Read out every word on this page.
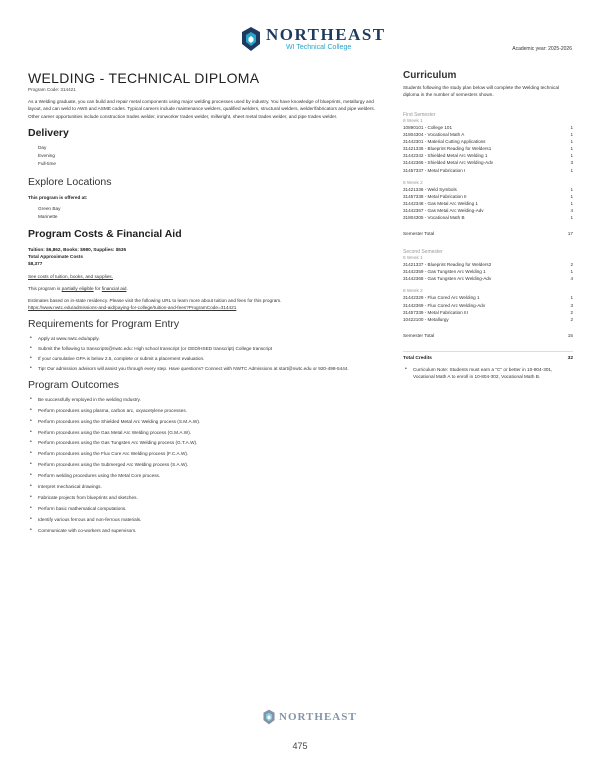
NORTHEAST
WI Technical College	Academic year: 2025-2026
WELDING - TECHNICAL DIPLOMA
Program Code: 314421

As a Welding graduate, you can build and repair metal components using major welding processes used by industry. You have knowledge of blueprints, metallurgy and layout, and can weld to AWS and ASME codes. Typical careers include maintenance welders, qualified welders, structural welders, welder/fabricators and pipe welders. Other career opportunities include construction trades welder, ironworker trades welder, millwright, sheet metal trades welder, and pipe trades welder.

Delivery
Day
Evening
Full-time
Explore Locations
This program is offered at:
Green Bay
Marinette
Program Costs & Financial Aid
Tuition: $6,862, Books: $980, Supplies: $535
Total Approximate Costs
$8,377
See costs of tuition, books, and supplies.
This program is partially eligible for financial aid.
Estimates based on in-state residency. Please visit the following URL to learn more about tuition and fees for this program.
https://www.nwtc.edu/admissions-and-aid/paying-for-college/tuition-and-fees?ProgramCode=314421
Requirements for Program Entry
• Apply at www.nwtc.edu/apply.
• Submit the following to transcripts@nwtc.edu: High school transcript (or GED/HSED transcript) College transcript
• If your cumulative GPA is below 2.5, complete or submit a placement evaluation.
• Tip! Our admission advisors will assist you through every step. Have questions? Connect with NWTC Admissions at start@nwtc.edu or 920-498-5444.
Program Outcomes
• Be successfully employed in the welding Industry.
• Perform procedures using plasma, carbon arc, oxyacetylene processes.
• Perform procedures using the Shielded Metal Arc Welding process (S.M.A.W).
• Perform procedures using the Gas Metal Arc Welding process (G.M.A.W).
• Perform procedures using the Gas Tungsten Arc Welding process (G.T.A.W).
• Perform procedures using the Flux Core Arc Welding process (F.C.A.W).
• Perform procedures using the Submerged Arc Welding process (S.A.W).
• Perform welding procedures using the Metal Core process.
• Interpret mechanical drawings.
• Fabricate projects from blueprints and sketches.
• Perform basic mathematical computations.
• Identify various ferrous and non-ferrous materials.
• Communicate with co-workers and supervisors.
Curriculum

Students following the study plan below will complete the Welding technical diploma in the number of semesters shown.

First Semester
8 Week 1
10890101 - College 101	1
31804304 - Vocational Math A	1
31442301 - Material Cutting Applications	1
31421336 - Blueprint Reading for Welders1	1
31442342 - Shielded Metal Arc Welding 1	1
31442366 - Shielded Metal Arc Welding-Adv	3
31457337 - Metal Fabrication I	1
8 Week 2
31421336 - Weld Symbols	1
31457338 - Metal Fabrication II	1
31442348 - Gas Metal Arc Welding 1	1
31442367 - Gas Metal Arc Welding-Adv	4
31804305 - Vocational Math B	1
Semester Total	17
Second Semester
8 Week 1
31421337 - Blueprint Reading for Welders2	2
31442359 - Gas Tungsten Arc Welding 1	1
31442368 - Gas Tungsten Arc Welding-Adv	4
8 Week 2
31442329 - Flux Cored Arc Welding 1	1
31442369 - Flux Cored Arc Welding-Adv	3
31457339 - Metal Fabrication III	2
10422100 - Metallurgy	2
Semester Total	15
Total Credits	32
• Curriculum Note: Students must earn a "C" or better in 10-804-301, Vocational Math A to enroll in 10-804-302, Vocational Math B.
NORTHEAST
475
